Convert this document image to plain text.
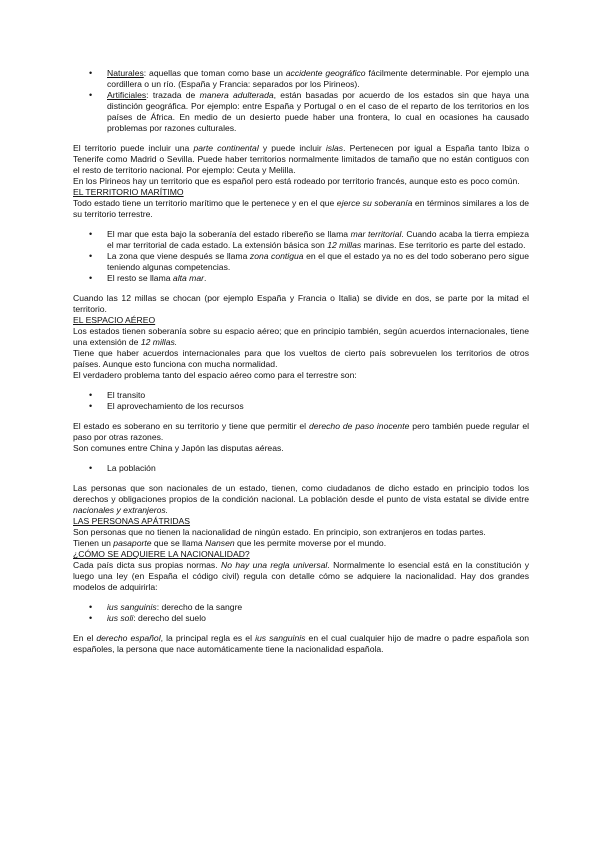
• Naturales: aquellas que toman como base un accidente geográfico fácilmente determinable. Por ejemplo una cordillera o un río. (España y Francia: separados por los Pirineos).
• Artificiales: trazada de manera adulterada, están basadas por acuerdo de los estados sin que haya una distinción geográfica. Por ejemplo: entre España y Portugal o en el caso de el reparto de los territorios en los países de África. En medio de un desierto puede haber una frontera, lo cual en ocasiones ha causado problemas por razones culturales.

El territorio puede incluir una parte continental y puede incluir islas. Pertenecen por igual a España tanto Ibiza o Tenerife como Madrid o Sevilla. Puede haber territorios normalmente limitados de tamaño que no están contiguos con el resto de territorio nacional. Por ejemplo: Ceuta y Melilla.

En los Pirineos hay un territorio que es español pero está rodeado por territorio francés, aunque esto es poco común.

EL TERRITORIO MARÍTIMO

Todo estado tiene un territorio marítimo que le pertenece y en el que ejerce su soberanía en términos similares a los de su territorio terrestre.

• El mar que esta bajo la soberanía del estado ribereño se llama mar territorial. Cuando acaba la tierra empieza el mar territorial de cada estado. La extensión básica son 12 millas marinas. Ese territorio es parte del estado.
• La zona que viene después se llama zona contigua en el que el estado ya no es del todo soberano pero sigue teniendo algunas competencias.
• El resto se llama alta mar.

Cuando las 12 millas se chocan (por ejemplo España y Francia o Italia) se divide en dos, se parte por la mitad el territorio.

EL ESPACIO AÉREO

Los estados tienen soberanía sobre su espacio aéreo; que en principio también, según acuerdos internacionales, tiene una extensión de 12 millas.

Tiene que haber acuerdos internacionales para que los vueltos de cierto país sobrevuelen los territorios de otros países. Aunque esto funciona con mucha normalidad.

El verdadero problema tanto del espacio aéreo como para el terrestre son:

• El transito
• El aprovechamiento de los recursos

El estado es soberano en su territorio y tiene que permitir el derecho de paso inocente pero también puede regular el paso por otras razones.

Son comunes entre China y Japón las disputas aéreas.

• La población

Las personas que son nacionales de un estado, tienen, como ciudadanos de dicho estado en principio todos los derechos y obligaciones propios de la condición nacional. La población desde el punto de vista estatal se divide entre nacionales y extranjeros.

LAS PERSONAS APÁTRIDAS

Son personas que no tienen la nacionalidad de ningún estado. En principio, son extranjeros en todas partes.

Tienen un pasaporte que se llama Nansen que les permite moverse por el mundo.

¿CÓMO SE ADQUIERE LA NACIONALIDAD?

Cada país dicta sus propias normas. No hay una regla universal. Normalmente lo esencial está en la constitución y luego una ley (en España el código civil) regula con detalle cómo se adquiere la nacionalidad. Hay dos grandes modelos de adquirirla:

• ius sanguinis: derecho de la sangre
• ius soli: derecho del suelo

En el derecho español, la principal regla es el ius sanguinis en el cual cualquier hijo de madre o padre española son españoles, la persona que nace automáticamente tiene la nacionalidad española.
